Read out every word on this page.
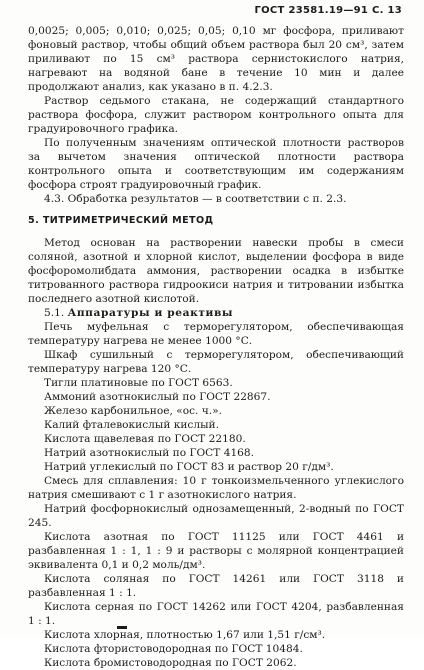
ГОСТ 23581.19—91 С. 13

0,0025; 0,005; 0,010; 0,025; 0,05; 0,10 мг фосфора, приливают фоновый раствор, чтобы общий объем раствора был 20 см³, затем приливают по 15 см³ раствора сернистокислого натрия, нагревают на водяной бане в течение 10 мин и далее продолжают анализ, как указано в п. 4.2.3.

Раствор седьмого стакана, не содержащий стандартного раствора фосфора, служит раствором контрольного опыта для градуировочного графика.

По полученным значениям оптической плотности растворов за вычетом значения оптической плотности раствора контрольного опыта и соответствующим им содержаниям фосфора строят градуировочный график.

4.3. Обработка результатов — в соответствии с п. 2.3.

5. ТИТРИМЕТРИЧЕСКИЙ МЕТОД

Метод основан на растворении навески пробы в смеси соляной, азотной и хлорной кислот, выделении фосфора в виде фосфоромолибдата аммония, растворении осадка в избытке титрованного раствора гидроокиси натрия и титровании избытка последнего азотной кислотой.

5.1. Аппаратуры и реактивы

Печь муфельная с терморегулятором, обеспечивающая температуру нагрева не менее 1000 °С.

Шкаф сушильный с терморегулятором, обеспечивающий температуру нагрева 120 °С.

Тигли платиновые по ГОСТ 6563.

Аммоний азотнокислый по ГОСТ 22867.

Железо карбонильное, «ос. ч.».

Калий фталевокислый кислый.

Кислота щавелевая по ГОСТ 22180.

Натрий азотнокислый по ГОСТ 4168.

Натрий углекислый по ГОСТ 83 и раствор 20 г/дм³.

Смесь для сплавления: 10 г тонкоизмельченного углекислого натрия смешивают с 1 г азотнокислого натрия.

Натрий фосфорнокислый однозамещенный, 2-водный по ГОСТ 245.

Кислота азотная по ГОСТ 11125 или ГОСТ 4461 и разбавленная 1 : 1, 1 : 9 и растворы с молярной концентрацией эквивалента 0,1 и 0,2 моль/дм³.

Кислота соляная по ГОСТ 14261 или ГОСТ 3118 и разбавленная 1 : 1.

Кислота серная по ГОСТ 14262 или ГОСТ 4204, разбавленная 1 : 1.

Кислота хлорная, плотностью 1,67 или 1,51 г/см³.

Кислота фтористоводородная по ГОСТ 10484.

Кислота бромистоводородная по ГОСТ 2062.
